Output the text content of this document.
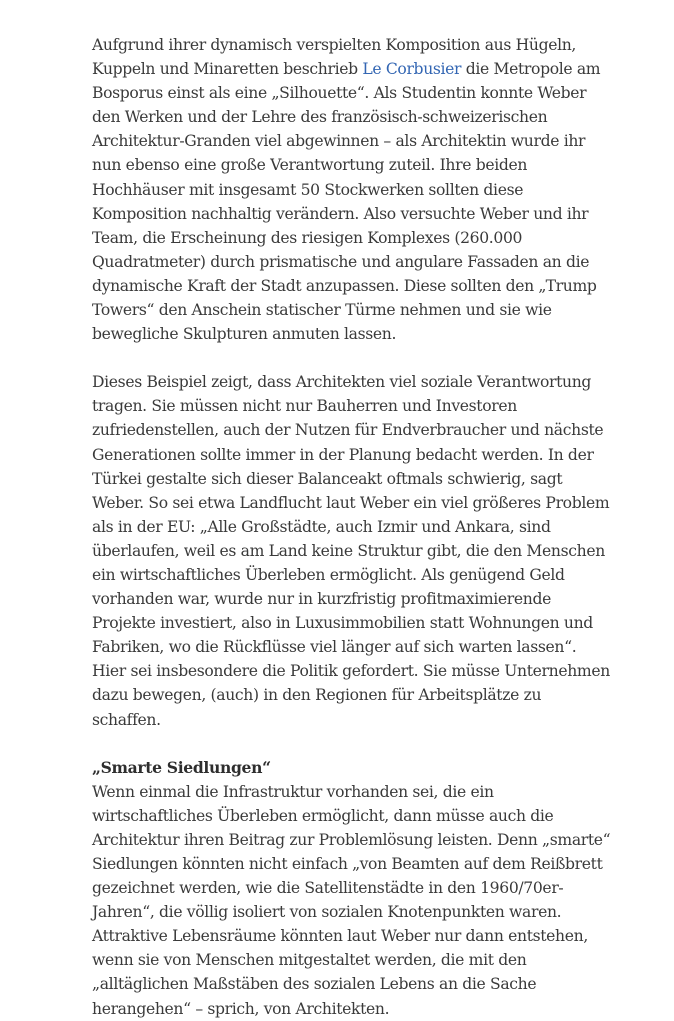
Aufgrund ihrer dynamisch verspielten Komposition aus Hügeln, Kuppeln und Minaretten beschrieb Le Corbusier die Metropole am Bosporus einst als eine „Silhouette“. Als Studentin konnte Weber den Werken und der Lehre des französisch-schweizerischen Architektur-Granden viel abgewinnen – als Architektin wurde ihr nun ebenso eine große Verantwortung zuteil. Ihre beiden Hochhäuser mit insgesamt 50 Stockwerken sollten diese Komposition nachhaltig verändern. Also versuchte Weber und ihr Team, die Erscheinung des riesigen Komplexes (260.000 Quadratmeter) durch prismatische und angulare Fassaden an die dynamische Kraft der Stadt anzupassen. Diese sollten den „Trump Towers“ den Anschein statischer Türme nehmen und sie wie bewegliche Skulpturen anmuten lassen.

Dieses Beispiel zeigt, dass Architekten viel soziale Verantwortung tragen. Sie müssen nicht nur Bauherren und Investoren zufriedenstellen, auch der Nutzen für Endverbraucher und nächste Generationen sollte immer in der Planung bedacht werden. In der Türkei gestalte sich dieser Balanceakt oftmals schwierig, sagt Weber. So sei etwa Landflucht laut Weber ein viel größeres Problem als in der EU: „Alle Großstädte, auch Izmir und Ankara, sind überlaufen, weil es am Land keine Struktur gibt, die den Menschen ein wirtschaftliches Überleben ermöglicht. Als genügend Geld vorhanden war, wurde nur in kurzfristig profitmaximierende Projekte investiert, also in Luxusimmobilien statt Wohnungen und Fabriken, wo die Rückflüsse viel länger auf sich warten lassen“. Hier sei insbesondere die Politik gefordert. Sie müsse Unternehmen dazu bewegen, (auch) in den Regionen für Arbeitsplätze zu schaffen.

„Smarte Siedlungen“

Wenn einmal die Infrastruktur vorhanden sei, die ein wirtschaftliches Überleben ermöglicht, dann müsse auch die Architektur ihren Beitrag zur Problemlösung leisten. Denn „smarte“ Siedlungen könnten nicht einfach „von Beamten auf dem Reißbrett gezeichnet werden, wie die Satellitenstädte in den 1960/70er-Jahren“, die völlig isoliert von sozialen Knotenpunkten waren. Attraktive Lebensräume könnten laut Weber nur dann entstehen, wenn sie von Menschen mitgestaltet werden, die mit den „alltäglichen Maßstäben des sozialen Lebens an die Sache herangehen“ – sprich, von Architekten.
